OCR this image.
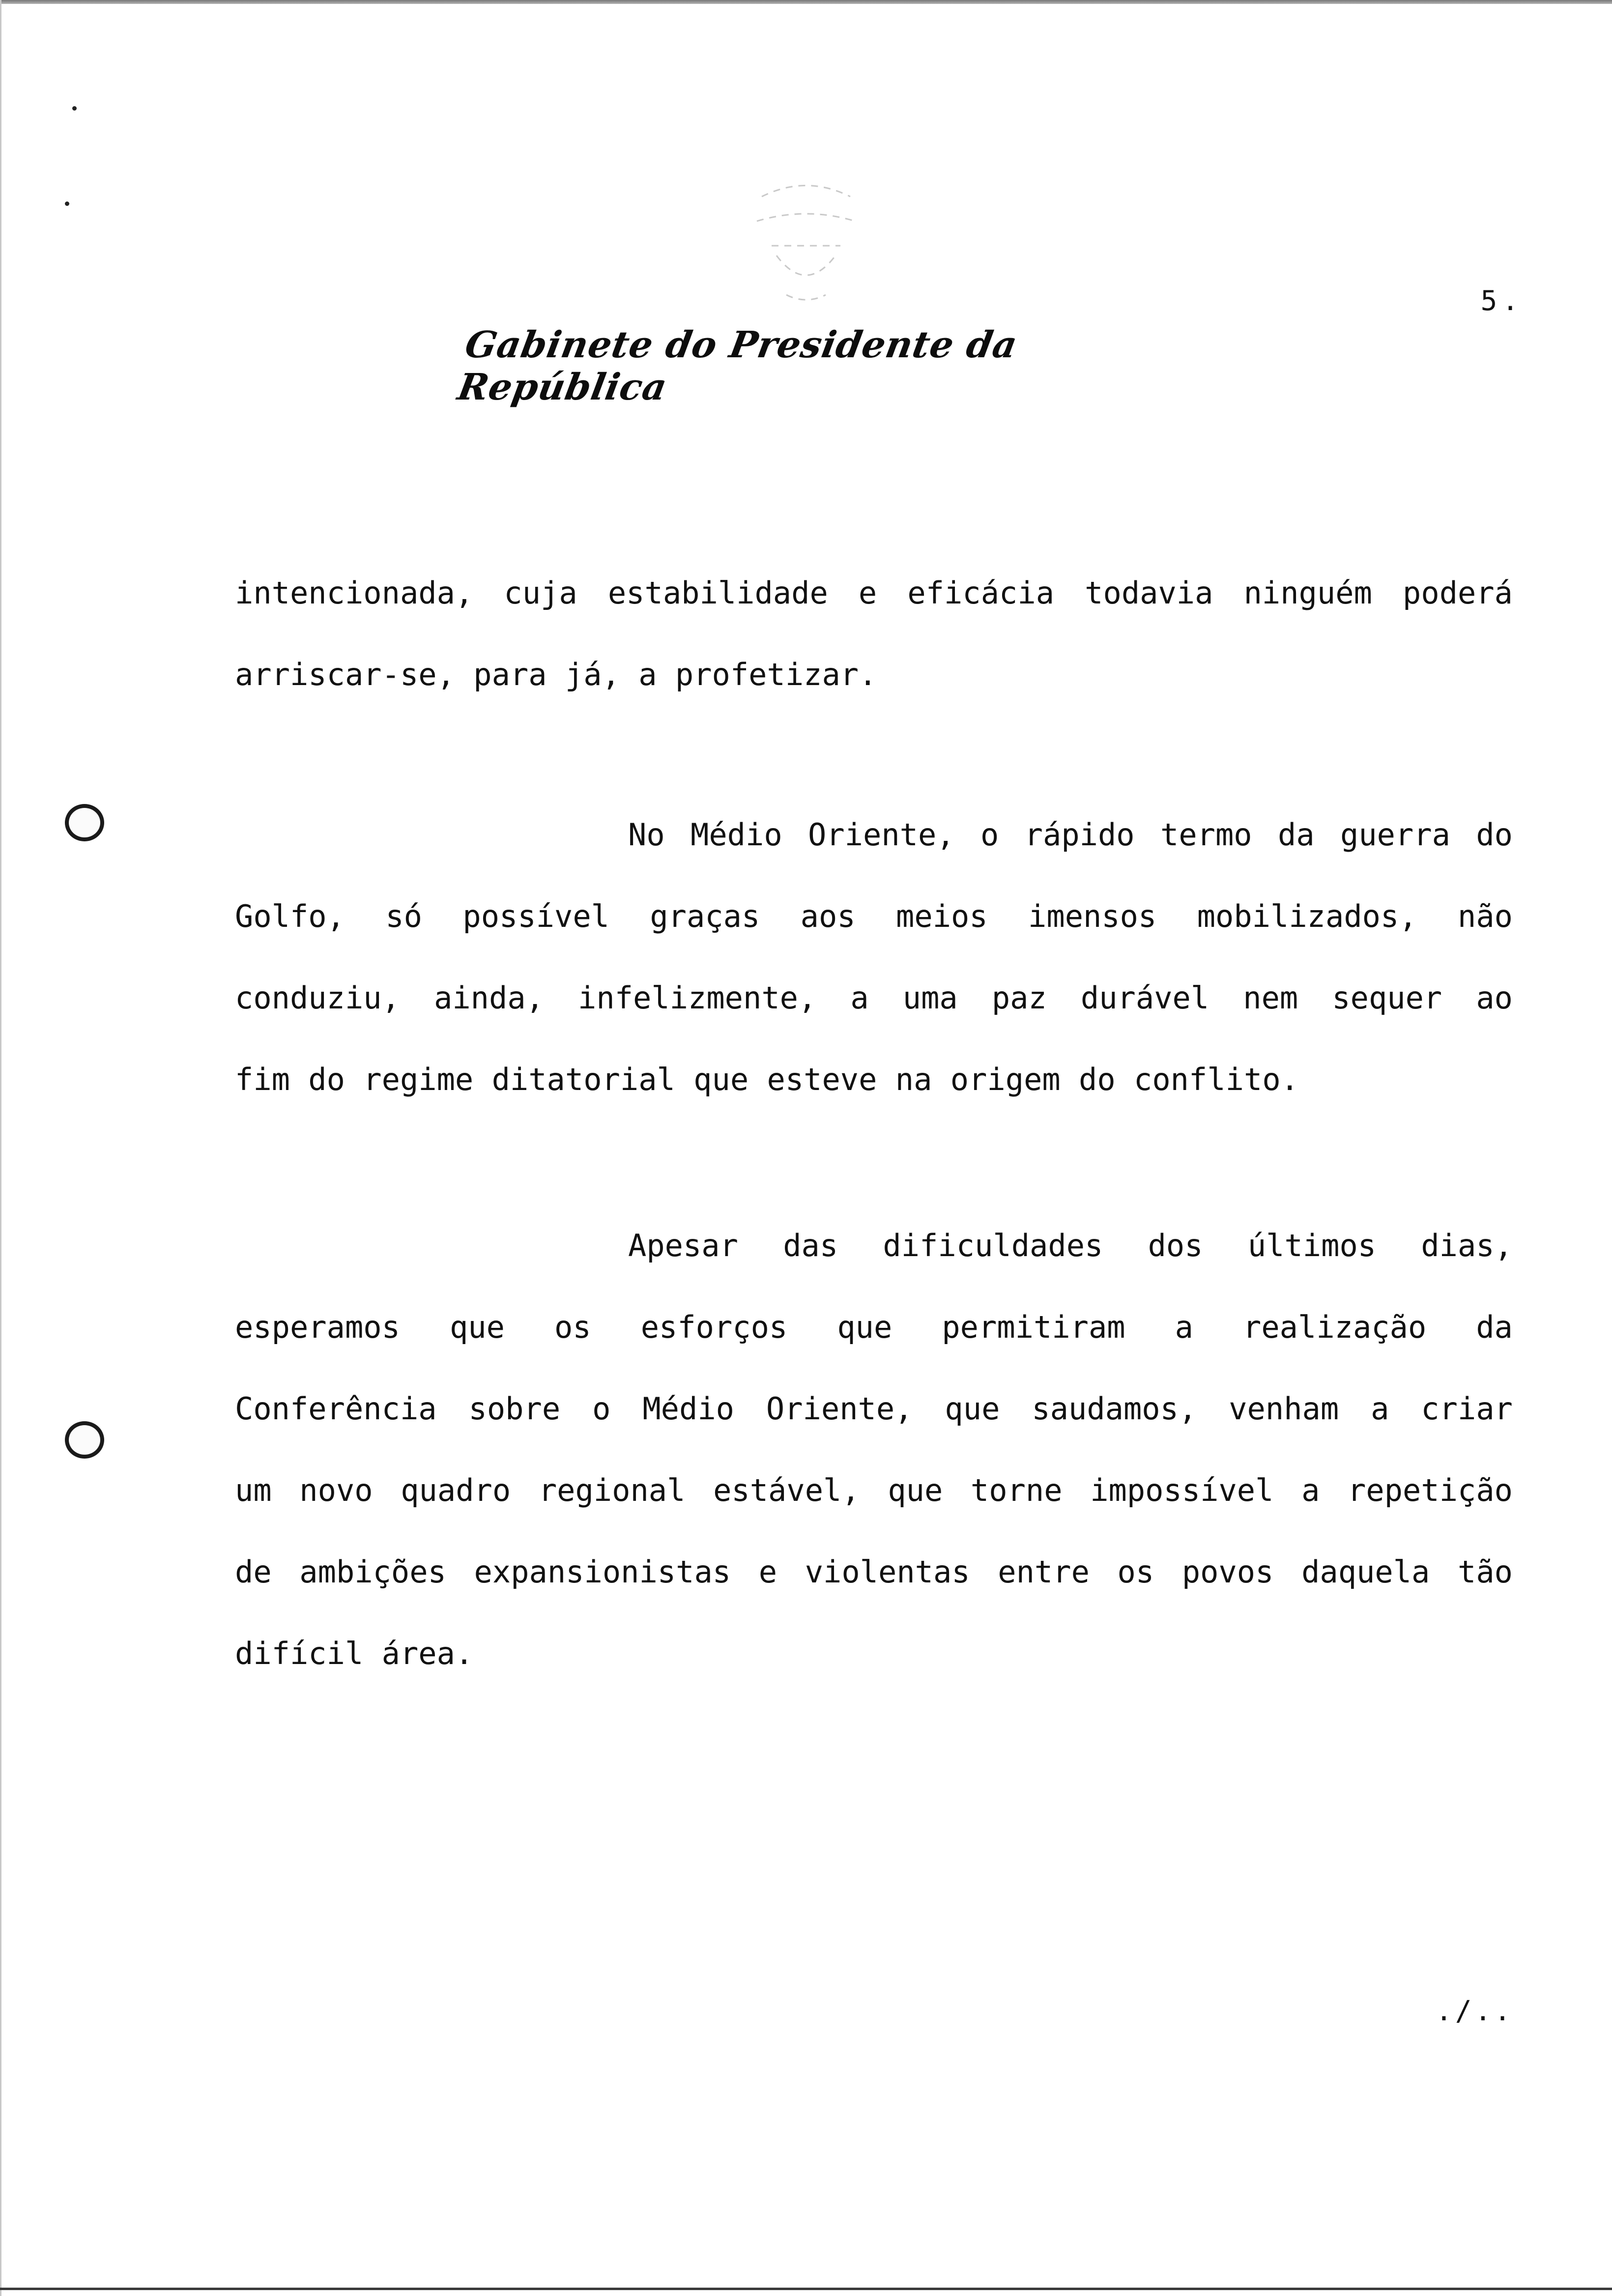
5.
Gabinete do Presidente da República

intencionada, cuja estabilidade e eficácia todavia ninguém poderá

arriscar-se, para já, a profetizar.

No Médio Oriente, o rápido termo da guerra do

Golfo, só possível graças aos meios imensos mobilizados, não

conduziu, ainda, infelizmente, a uma paz durável nem sequer ao

fim do regime ditatorial que esteve na origem do conflito.

Apesar das dificuldades dos últimos dias,

esperamos que os esforços que permitiram a realização da

Conferência sobre o Médio Oriente, que saudamos, venham a criar

um novo quadro regional estável, que torne impossível a repetição

de ambições expansionistas e violentas entre os povos daquela tão

difícil área.

./..
